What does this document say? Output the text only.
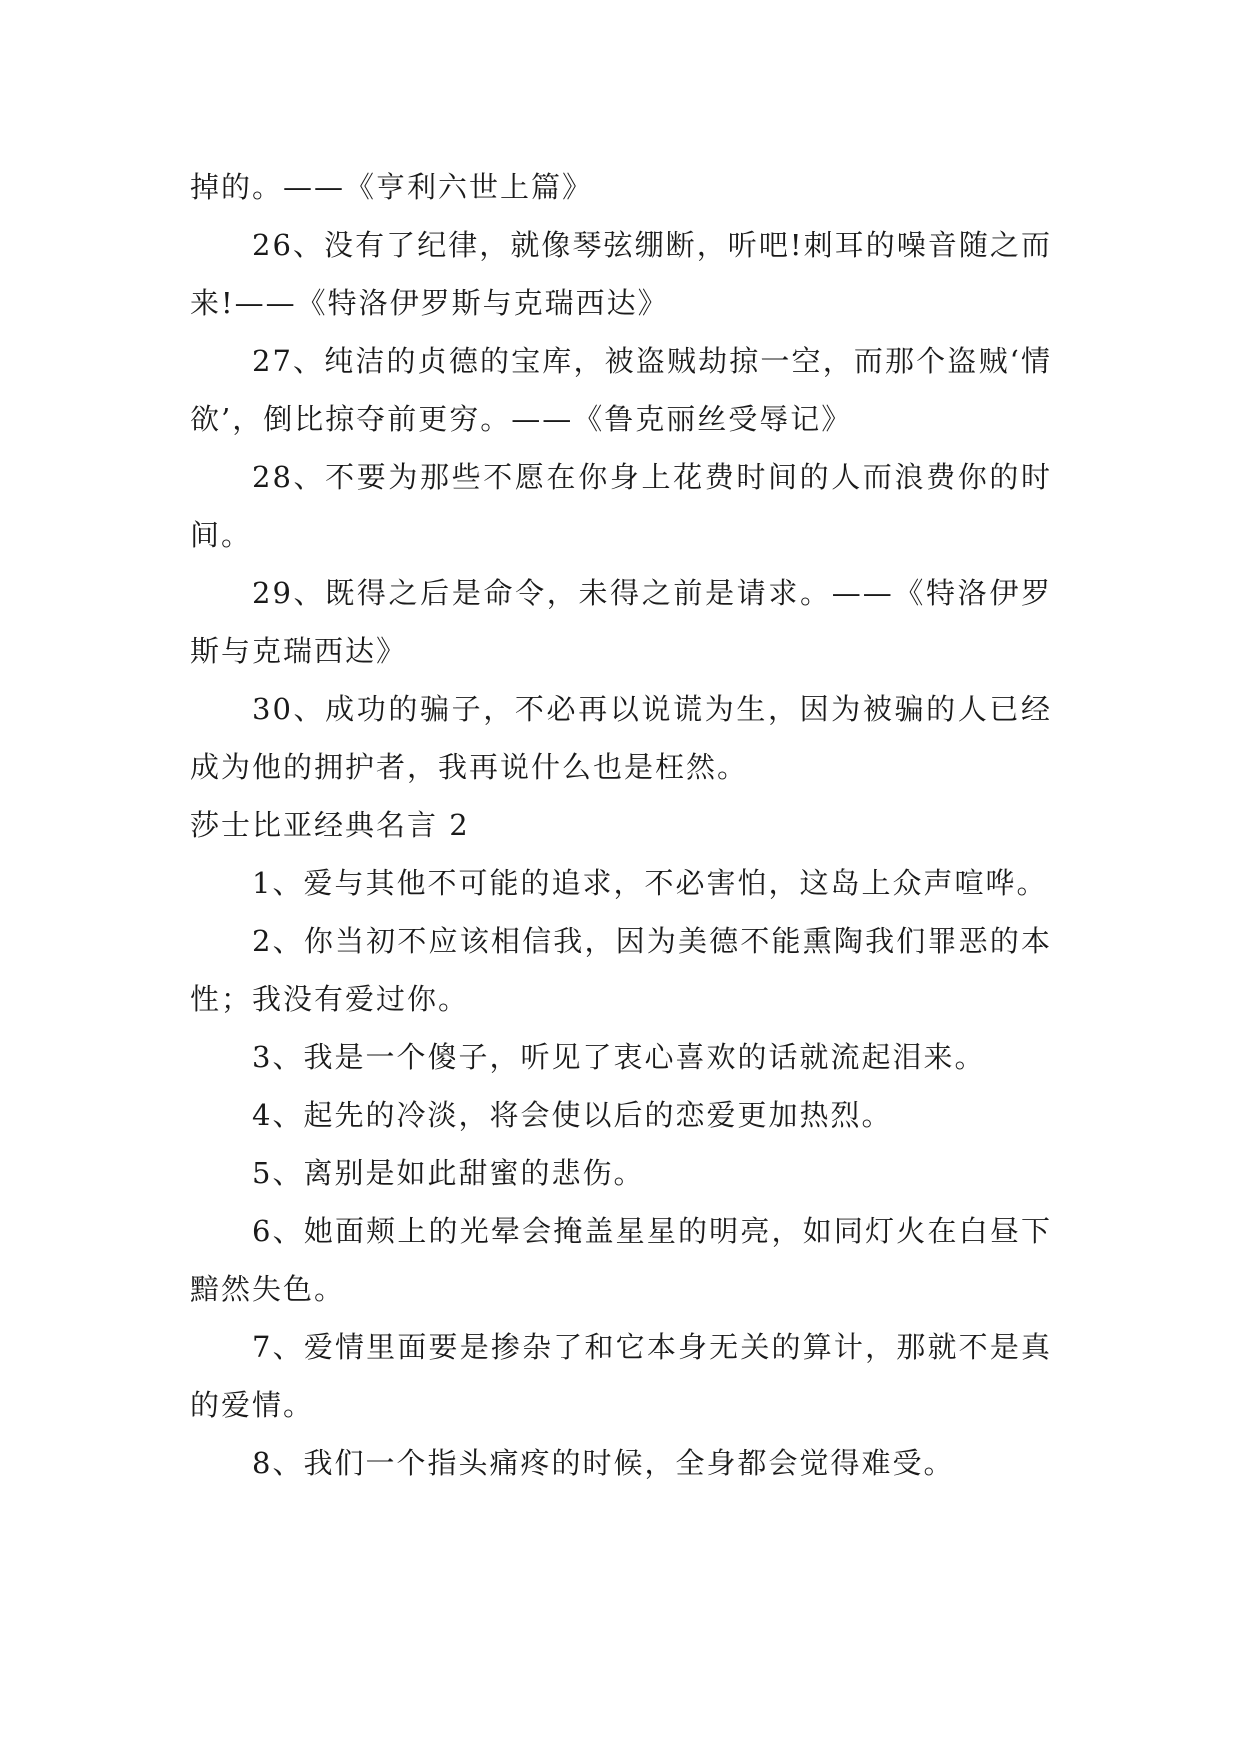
掉的。——《亨利六世上篇》

26、没有了纪律，就像琴弦绷断，听吧!刺耳的噪音随之而来!——《特洛伊罗斯与克瑞西达》

27、纯洁的贞德的宝库，被盗贼劫掠一空，而那个盗贼‘情欲’，倒比掠夺前更穷。——《鲁克丽丝受辱记》

28、不要为那些不愿在你身上花费时间的人而浪费你的时间。

29、既得之后是命令，未得之前是请求。——《特洛伊罗斯与克瑞西达》

30、成功的骗子，不必再以说谎为生，因为被骗的人已经成为他的拥护者，我再说什么也是枉然。

莎士比亚经典名言 2

1、爱与其他不可能的追求，不必害怕，这岛上众声喧哗。

2、你当初不应该相信我，因为美德不能熏陶我们罪恶的本性；我没有爱过你。

3、我是一个傻子，听见了衷心喜欢的话就流起泪来。

4、起先的冷淡，将会使以后的恋爱更加热烈。

5、离别是如此甜蜜的悲伤。

6、她面颊上的光晕会掩盖星星的明亮，如同灯火在白昼下黯然失色。

7、爱情里面要是掺杂了和它本身无关的算计，那就不是真的爱情。

8、我们一个指头痛疼的时候，全身都会觉得难受。
